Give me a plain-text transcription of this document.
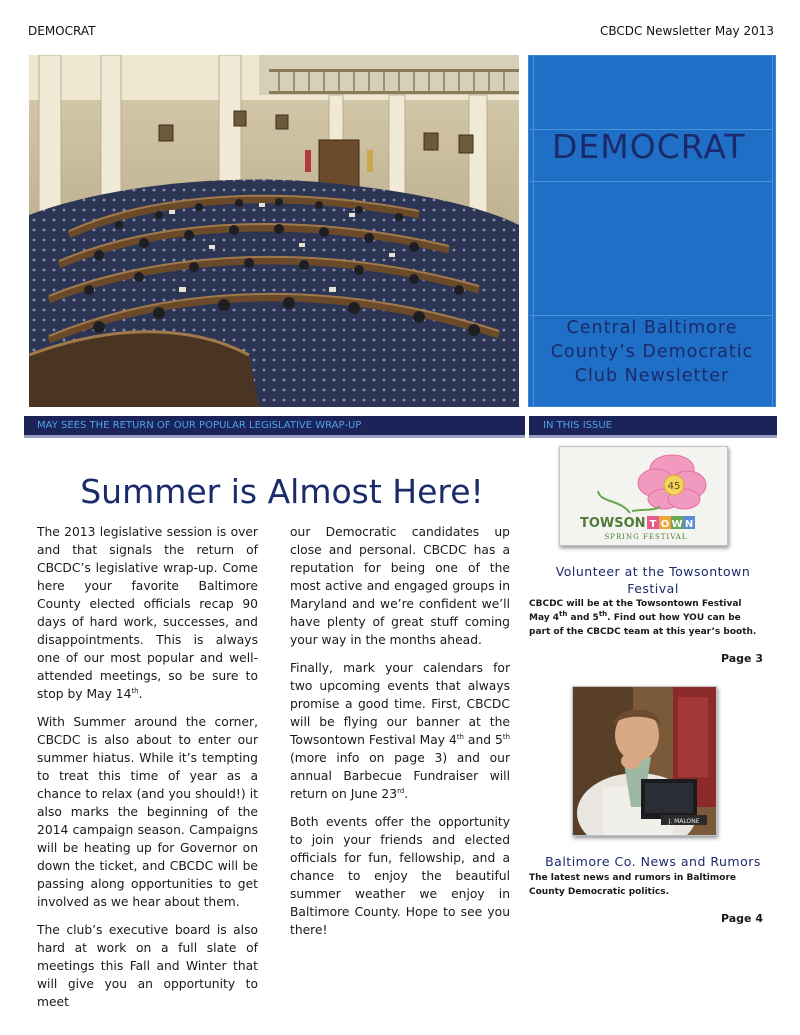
DEMOCRAT	CBCDC Newsletter May 2013
DEMOCRAT
Central Baltimore
County’s Democratic
Club Newsletter
MAY SEES THE RETURN OF OUR POPULAR LEGISLATIVE WRAP-UP	IN THIS ISSUE
Summer is Almost Here!

The 2013 legislative session is over and that signals the return of CBCDC’s legislative wrap-up. Come here your favorite Baltimore County elected officials recap 90 days of hard work, successes, and disappointments. This is always one of our most popular and well-attended meetings, so be sure to stop by May 14th.

With Summer around the corner, CBCDC is also about to enter our summer hiatus. While it’s tempting to treat this time of year as a chance to relax (and you should!) it also marks the beginning of the 2014 campaign season. Campaigns will be heating up for Governor on down the ticket, and CBCDC will be passing along opportunities to get involved as we hear about them.

The club’s executive board is also hard at work on a full slate of meetings this Fall and Winter that will give you an opportunity to meet

our Democratic candidates up close and personal. CBCDC has a reputation for being one of the most active and engaged groups in Maryland and we’re confident we’ll have plenty of great stuff coming your way in the months ahead.

Finally, mark your calendars for two upcoming events that always promise a good time. First, CBCDC will be flying our banner at the Towsontown Festival May 4th and 5th (more info on page 3) and our annual Barbecue Fundraiser will return on June 23rd.

Both events offer the opportunity to join your friends and elected officials for fun, fellowship, and a chance to enjoy the beautiful summer weather we enjoy in Baltimore County. Hope to see you there!

45
TOWSON T O W N
SPRING FESTIVAL
Volunteer at the Towsontown
Festival
CBCDC will be at the Towsontown Festival May 4th and 5th. Find out how YOU can be part of the CBCDC team at this year’s booth.
Page 3
J. MALONE
Baltimore Co. News and Rumors
The latest news and rumors in Baltimore County Democratic politics.
Page 4
